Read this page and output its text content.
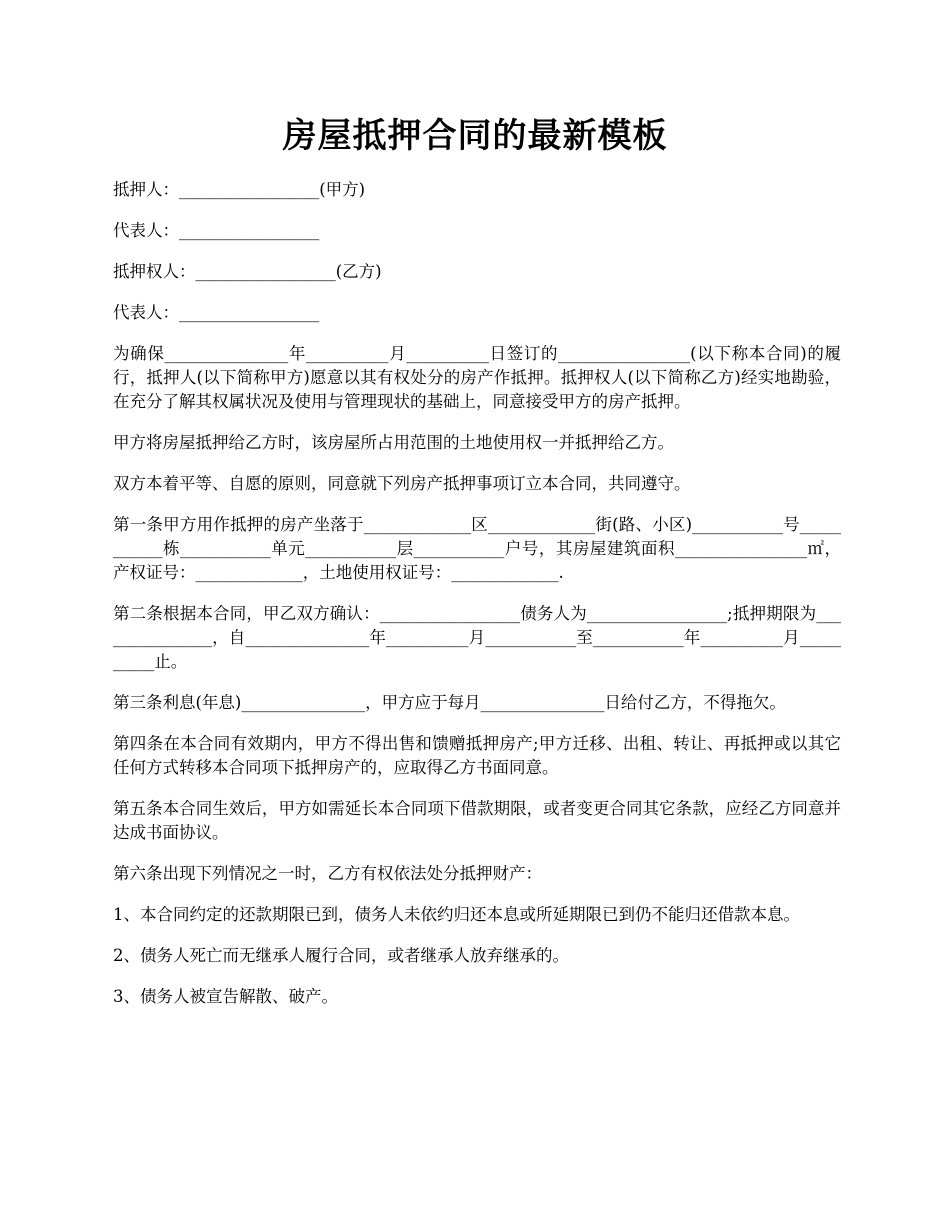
房屋抵押合同的最新模板

抵押人：_________________(甲方)

代表人：_________________

抵押权人：_________________(乙方)

代表人：_________________

为确保_______________年__________月__________日签订的________________(以下称本合同)的履行，抵押人(以下简称甲方)愿意以其有权处分的房产作抵押。抵押权人(以下简称乙方)经实地勘验，在充分了解其权属状况及使用与管理现状的基础上，同意接受甲方的房产抵押。

甲方将房屋抵押给乙方时，该房屋所占用范围的土地使用权一并抵押给乙方。

双方本着平等、自愿的原则，同意就下列房产抵押事项订立本合同，共同遵守。

第一条甲方用作抵押的房产坐落于_____________区_____________街(路、小区)___________号___________栋___________单元___________层___________户号，其房屋建筑面积________________㎡，产权证号：_____________，土地使用权证号：_____________.

第二条根据本合同，甲乙双方确认：_________________债务人为_________________;抵押期限为_______________，自_______________年__________月___________至___________年__________月__________止。

第三条利息(年息)_______________，甲方应于每月_______________日给付乙方，不得拖欠。

第四条在本合同有效期内，甲方不得出售和馈赠抵押房产;甲方迁移、出租、转让、再抵押或以其它任何方式转移本合同项下抵押房产的，应取得乙方书面同意。

第五条本合同生效后，甲方如需延长本合同项下借款期限，或者变更合同其它条款，应经乙方同意并达成书面协议。

第六条出现下列情况之一时，乙方有权依法处分抵押财产：

1、本合同约定的还款期限已到，债务人未依约归还本息或所延期限已到仍不能归还借款本息。

2、债务人死亡而无继承人履行合同，或者继承人放弃继承的。

3、债务人被宣告解散、破产。
